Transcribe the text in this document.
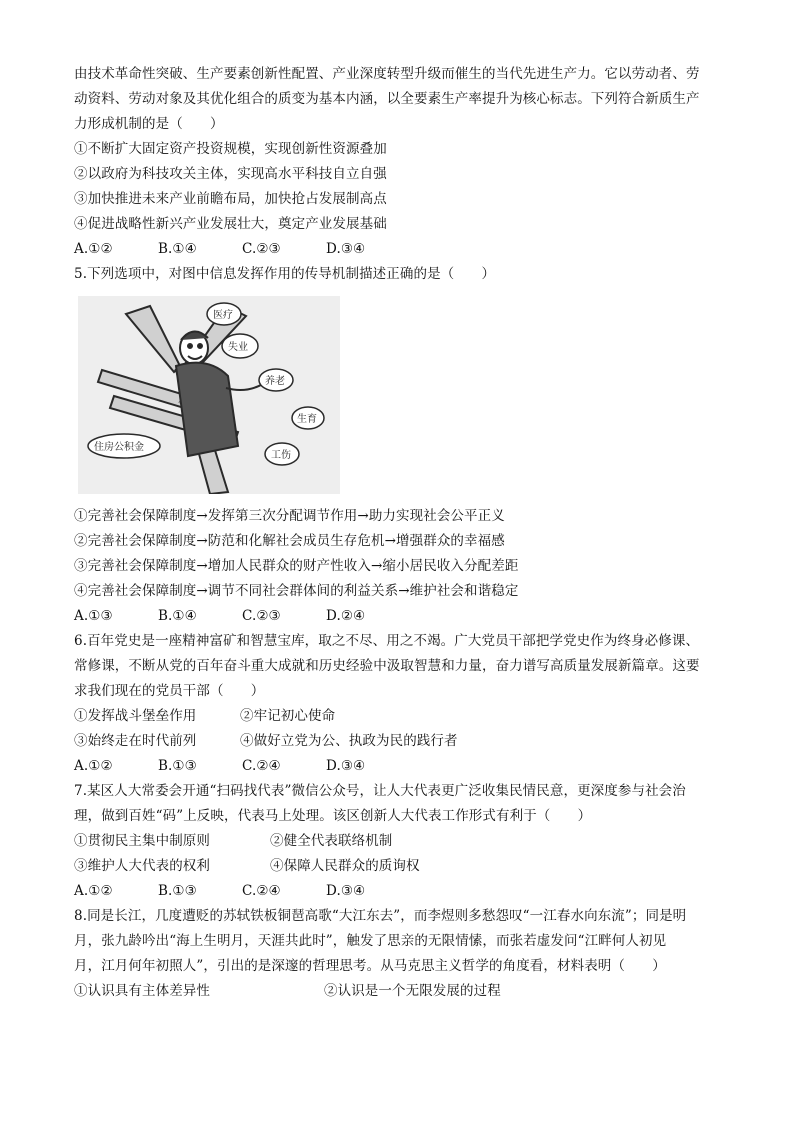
由技术革命性突破、生产要素创新性配置、产业深度转型升级而催生的当代先进生产力。它以劳动者、劳
动资料、劳动对象及其优化组合的质变为基本内涵，以全要素生产率提升为核心标志。下列符合新质生产
力形成机制的是（　　）
①不断扩大固定资产投资规模，实现创新性资源叠加
②以政府为科技攻关主体，实现高水平科技自立自强
③加快推进未来产业前瞻布局，加快抢占发展制高点
④促进战略性新兴产业发展壮大，奠定产业发展基础
A.①②	B.①④	C.②③	D.③④
5.下列选项中，对图中信息发挥作用的传导机制描述正确的是（　　）
医疗
失业
养老
生育
工伤
住房公积金
①完善社会保障制度→发挥第三次分配调节作用→助力实现社会公平正义
②完善社会保障制度→防范和化解社会成员生存危机→增强群众的幸福感
③完善社会保障制度→增加人民群众的财产性收入→缩小居民收入分配差距
④完善社会保障制度→调节不同社会群体间的利益关系→维护社会和谐稳定
A.①③	B.①④	C.②③	D.②④
6.百年党史是一座精神富矿和智慧宝库，取之不尽、用之不竭。广大党员干部把学党史作为终身必修课、
常修课，不断从党的百年奋斗重大成就和历史经验中汲取智慧和力量，奋力谱写高质量发展新篇章。这要
求我们现在的党员干部（　　）
①发挥战斗堡垒作用	②牢记初心使命
③始终走在时代前列	④做好立党为公、执政为民的践行者
A.①②	B.①③	C.②④	D.③④
7.某区人大常委会开通“扫码找代表”微信公众号，让人大代表更广泛收集民情民意，更深度参与社会治
理，做到百姓“码”上反映，代表马上处理。该区创新人大代表工作形式有利于（　　）
①贯彻民主集中制原则	②健全代表联络机制
③维护人大代表的权利	④保障人民群众的质询权
A.①②	B.①③	C.②④	D.③④
8.同是长江，几度遭贬的苏轼铁板铜琶高歌“大江东去”，而李煜则多愁怨叹“一江春水向东流”；同是明
月，张九龄吟出“海上生明月，天涯共此时”，触发了思亲的无限情愫，而张若虚发问“江畔何人初见
月，江月何年初照人”，引出的是深邃的哲理思考。从马克思主义哲学的角度看，材料表明（　　）
①认识具有主体差异性	②认识是一个无限发展的过程
